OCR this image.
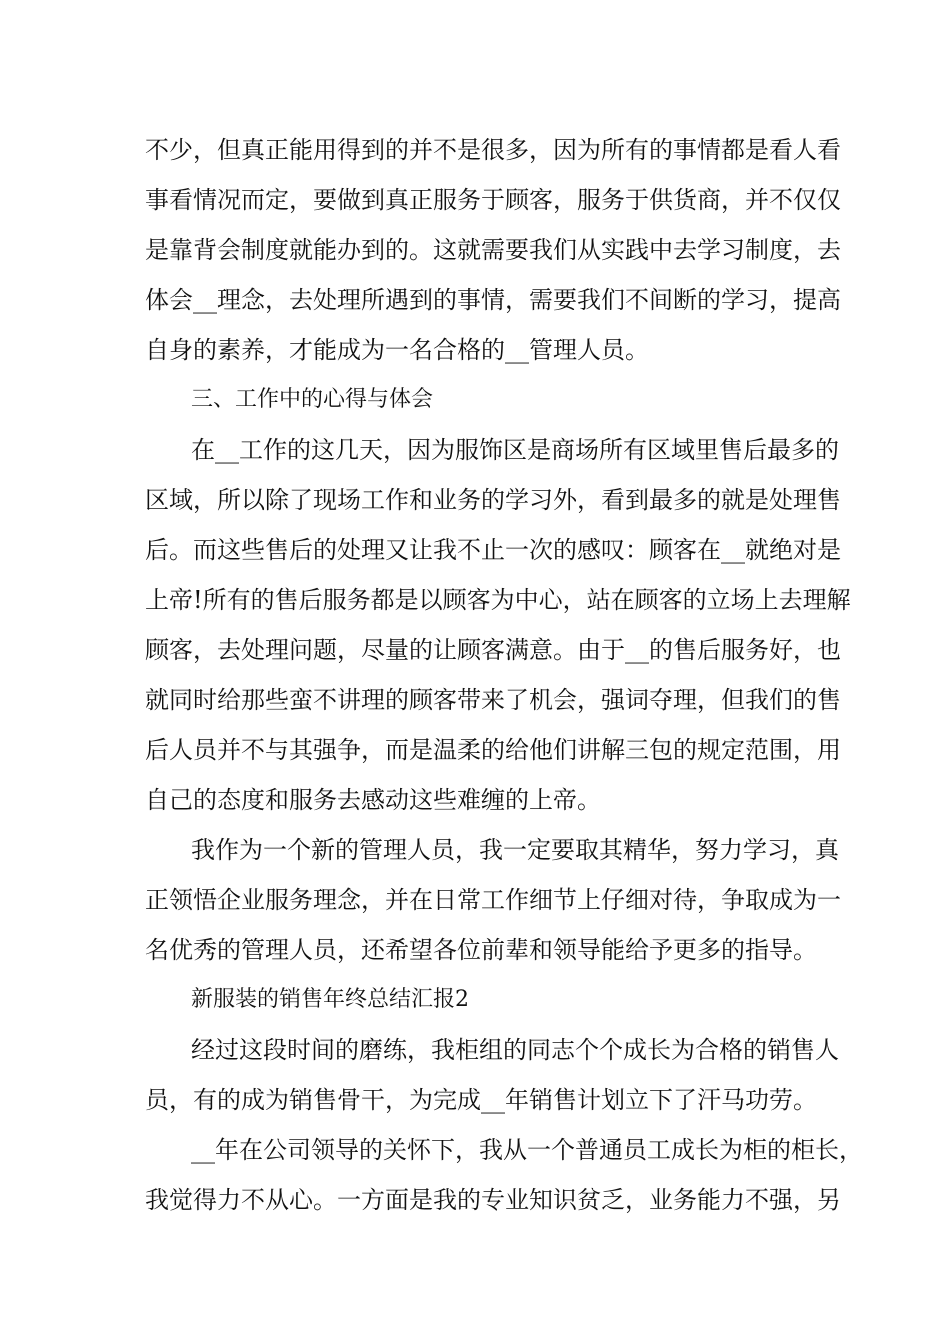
不少，但真正能用得到的并不是很多，因为所有的事情都是看人看
事看情况而定，要做到真正服务于顾客，服务于供货商，并不仅仅
是靠背会制度就能办到的。这就需要我们从实践中去学习制度，去
体会__理念，去处理所遇到的事情，需要我们不间断的学习，提高
自身的素养，才能成为一名合格的__管理人员。
三、工作中的心得与体会
在__工作的这几天，因为服饰区是商场所有区域里售后最多的
区域，所以除了现场工作和业务的学习外，看到最多的就是处理售
后。而这些售后的处理又让我不止一次的感叹：顾客在__就绝对是
上帝!所有的售后服务都是以顾客为中心，站在顾客的立场上去理解
顾客，去处理问题，尽量的让顾客满意。由于__的售后服务好，也
就同时给那些蛮不讲理的顾客带来了机会，强词夺理，但我们的售
后人员并不与其强争，而是温柔的给他们讲解三包的规定范围，用
自己的态度和服务去感动这些难缠的上帝。
我作为一个新的管理人员，我一定要取其精华，努力学习，真
正领悟企业服务理念，并在日常工作细节上仔细对待，争取成为一
名优秀的管理人员，还希望各位前辈和领导能给予更多的指导。
新服装的销售年终总结汇报2
经过这段时间的磨练，我柜组的同志个个成长为合格的销售人
员，有的成为销售骨干，为完成__年销售计划立下了汗马功劳。
__年在公司领导的关怀下，我从一个普通员工成长为柜的柜长，
我觉得力不从心。一方面是我的专业知识贫乏，业务能力不强，另
